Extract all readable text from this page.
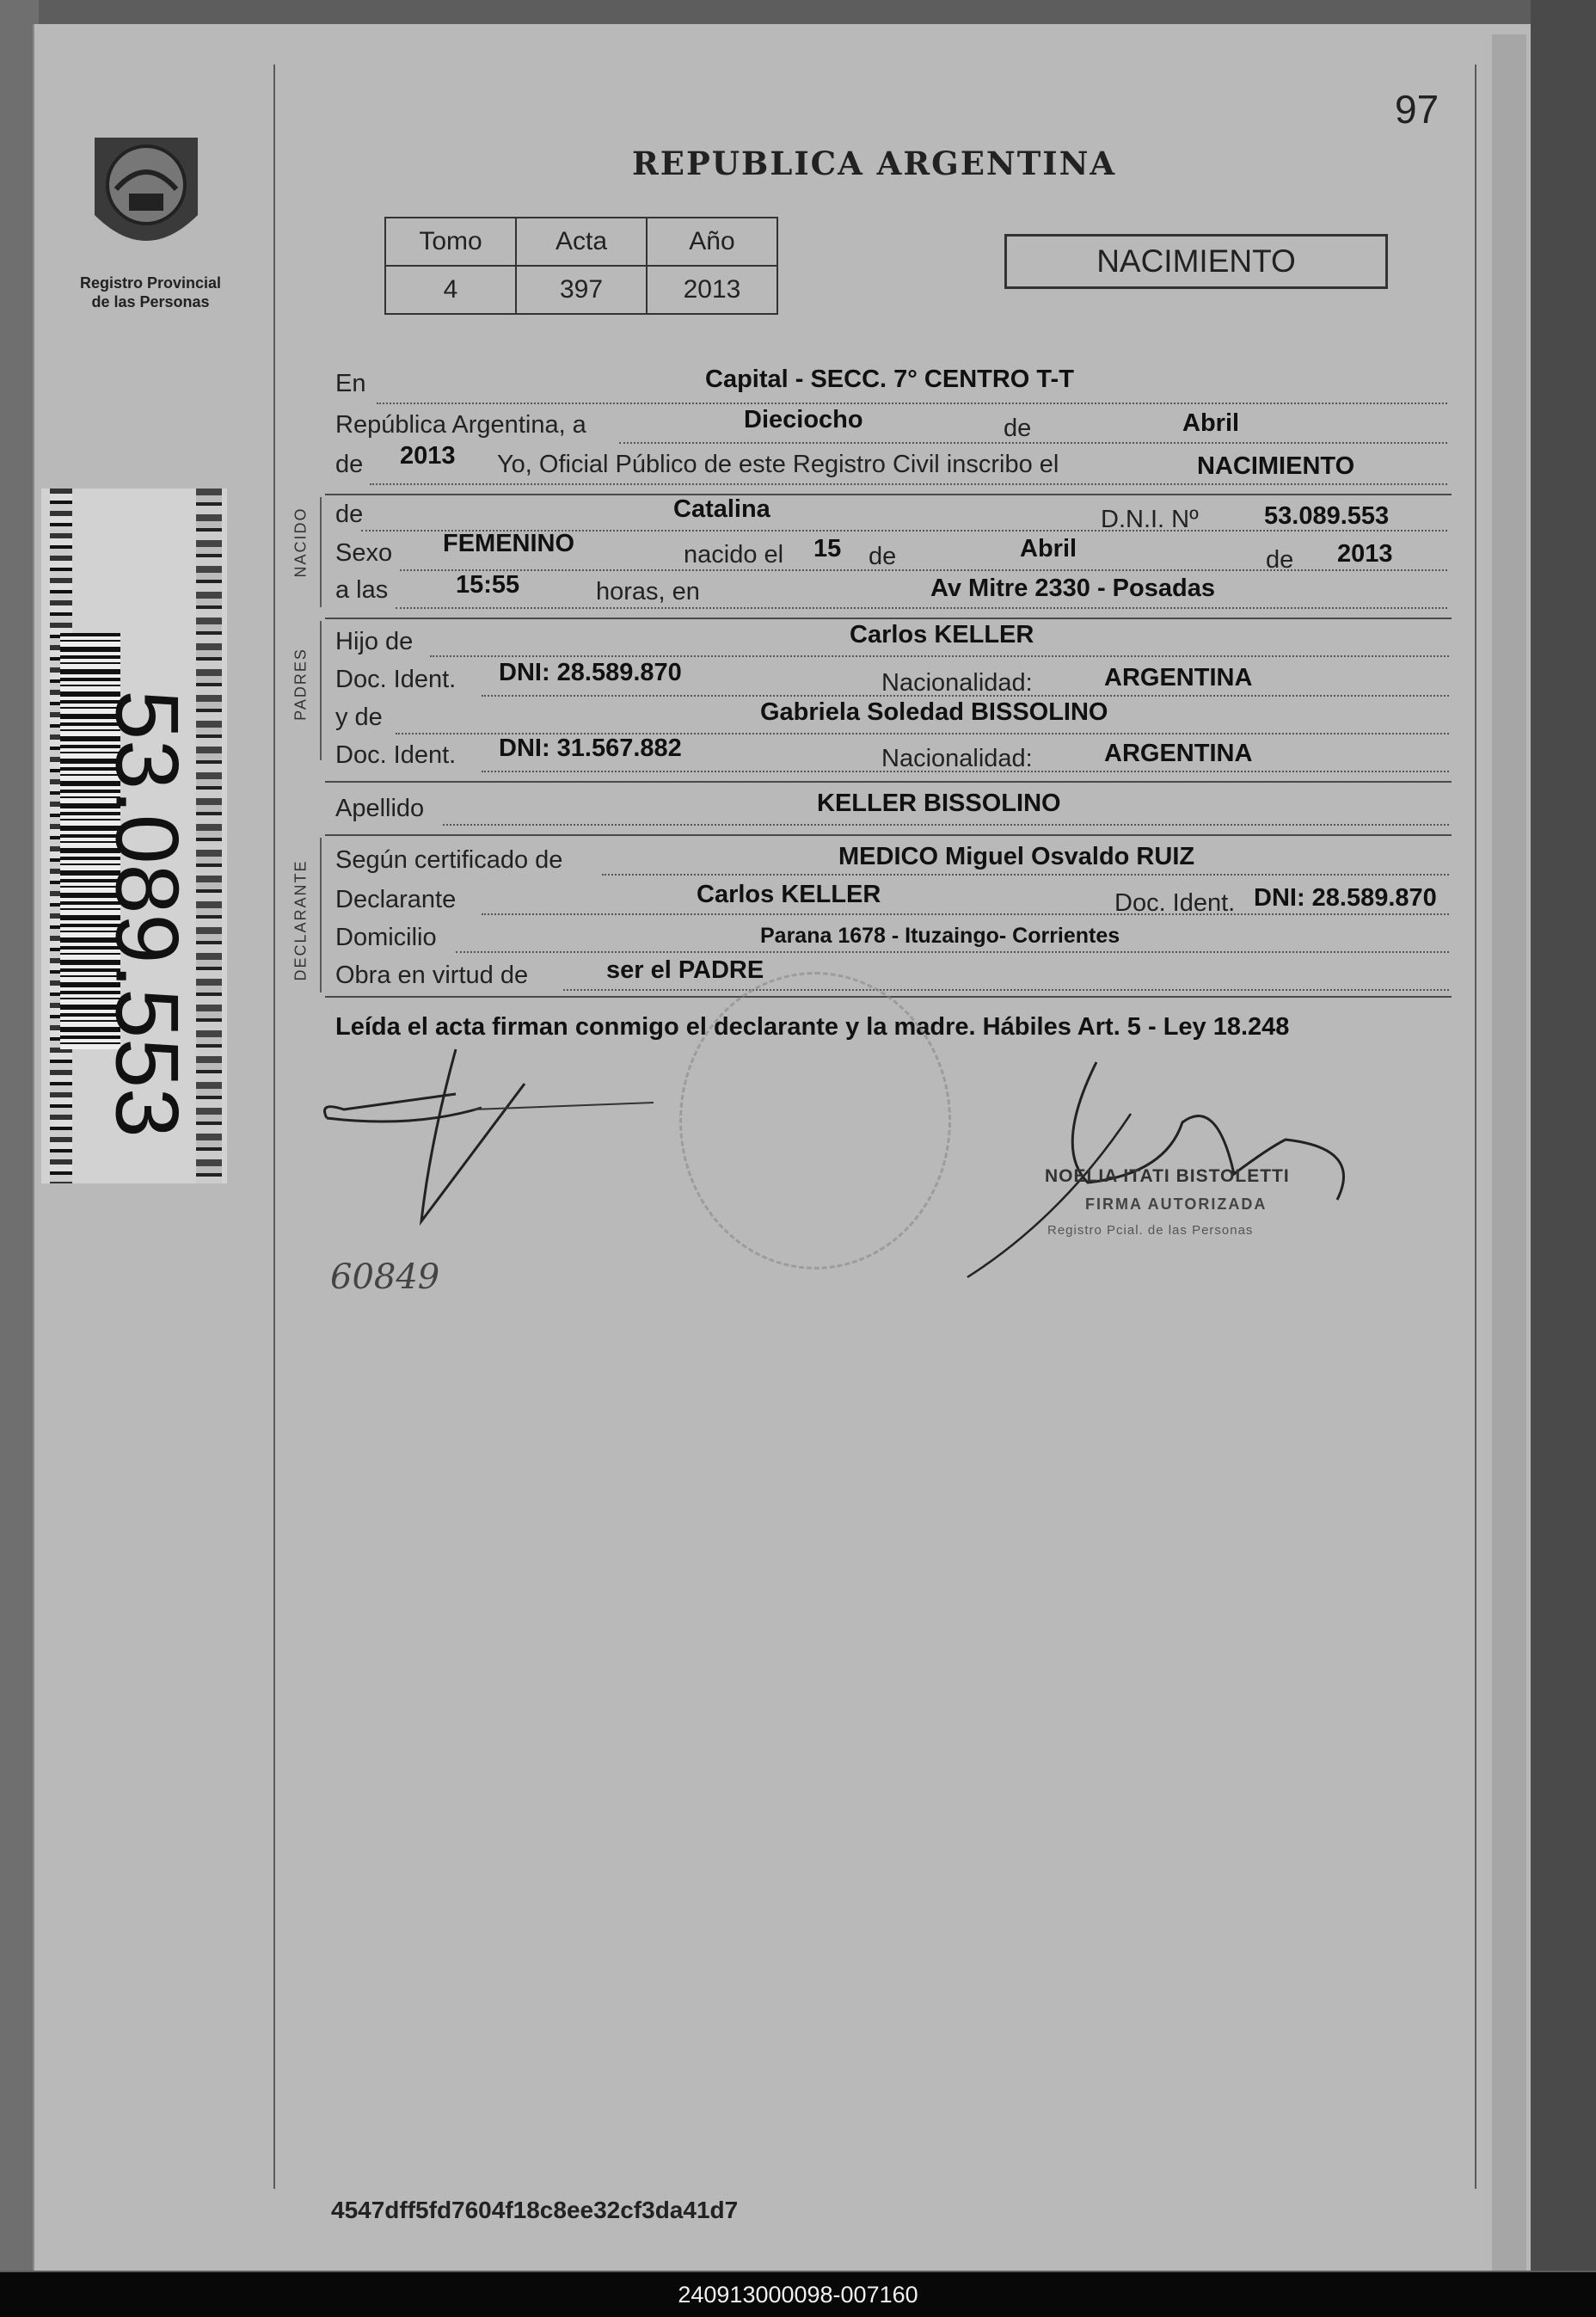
Registro Provincial
de las Personas
53.089.553
97
REPUBLICA ARGENTINA
Tomo	Acta	Año
4	397	2013
NACIMIENTO
En	Capital - SECC. 7° CENTRO T-T
República Argentina, a	Dieciocho	de	Abril
de 2013 Yo, Oficial Público de este Registro Civil inscribo el	NACIMIENTO
NACIDO de	Catalina	D.N.I. Nº	53.089.553
Sexo FEMENINO	nacido el 15 de	Abril	de 2013
a las	15:55	horas, en	Av Mitre 2330 - Posadas
PADRES
Hijo de	Carlos KELLER
Doc. Ident. DNI: 28.589.870	Nacionalidad:	ARGENTINA
y de	Gabriela Soledad BISSOLINO
Doc. Ident. DNI: 31.567.882	Nacionalidad:	ARGENTINA
Apellido	KELLER BISSOLINO
DECLARANTE Según certificado de	MEDICO Miguel Osvaldo RUIZ
Declarante	Carlos KELLER	Doc. Ident. DNI: 28.589.870
Domicilio	Parana 1678 - Ituzaingo- Corrientes
Obra en virtud de	ser el PADRE
Leída el acta firman conmigo el declarante y la madre. Hábiles Art. 5 - Ley 18.248
NOELIA ITATI BISTOLETTI
FIRMA AUTORIZADA
Registro Pcial. de las Personas
60849
4547dff5fd7604f18c8ee32cf3da41d7
240913000098-007160
